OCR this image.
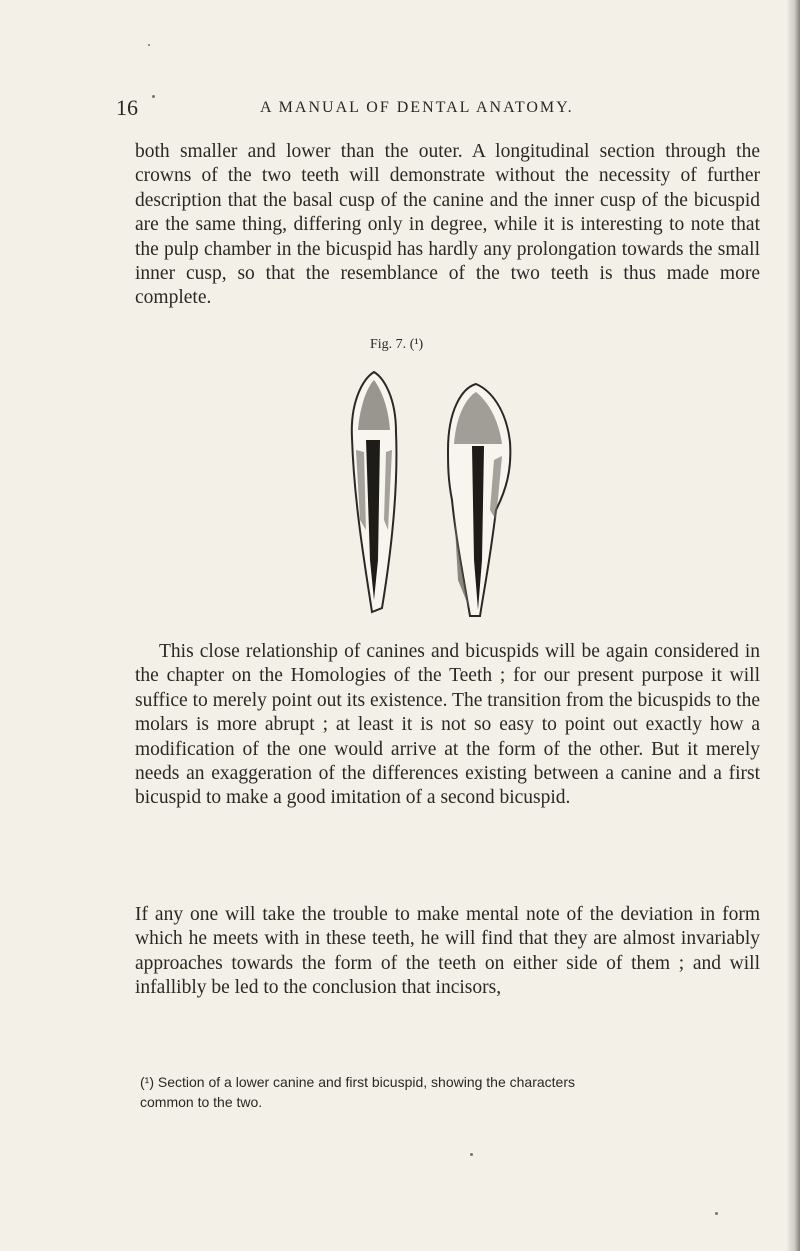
16	A MANUAL OF DENTAL ANATOMY.

both smaller and lower than the outer. A longitudinal section through the crowns of the two teeth will demonstrate without the necessity of further description that the basal cusp of the canine and the inner cusp of the bicuspid are the same thing, differing only in degree, while it is interesting to note that the pulp chamber in the bicuspid has hardly any prolongation towards the small inner cusp, so that the resemblance of the two teeth is thus made more complete.

Fig. 7. (¹)

This close relationship of canines and bicuspids will be again considered in the chapter on the Homologies of the Teeth ; for our present purpose it will suffice to merely point out its existence. The transition from the bicuspids to the molars is more abrupt ; at least it is not so easy to point out exactly how a modification of the one would arrive at the form of the other. But it merely needs an exaggeration of the differences existing between a canine and a first bicuspid to make a good imitation of a second bicuspid.

If any one will take the trouble to make mental note of the deviation in form which he meets with in these teeth, he will find that they are almost invariably approaches towards the form of the teeth on either side of them ; and will infallibly be led to the conclusion that incisors,

(¹) Section of a lower canine and first bicuspid, showing the characters

common to the two.
